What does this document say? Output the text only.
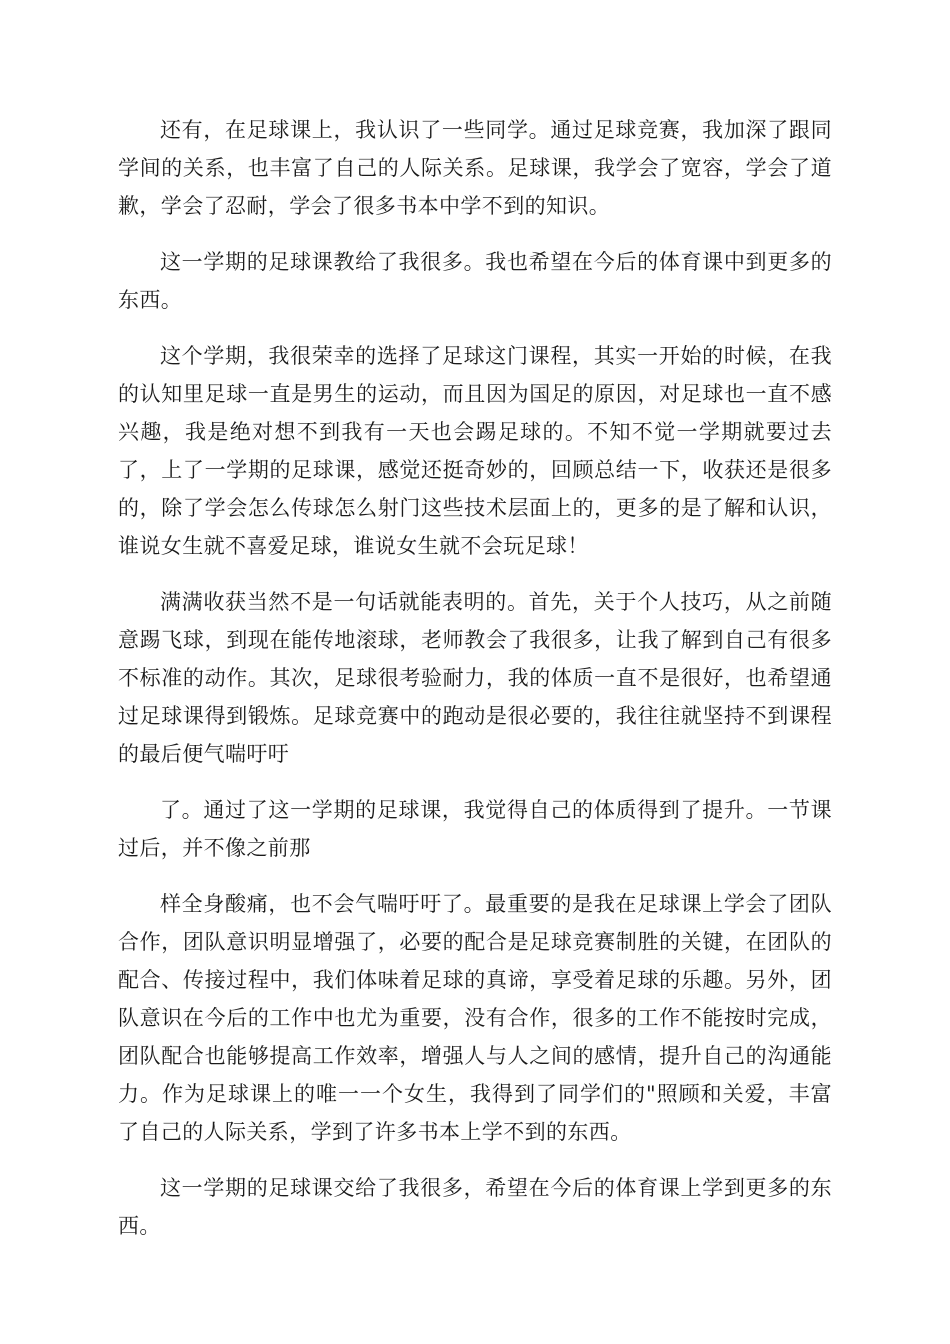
还有，在足球课上，我认识了一些同学。通过足球竞赛，我加深了跟同学间的关系，也丰富了自己的人际关系。足球课，我学会了宽容，学会了道歉，学会了忍耐，学会了很多书本中学不到的知识。

这一学期的足球课教给了我很多。我也希望在今后的体育课中到更多的东西。

这个学期，我很荣幸的选择了足球这门课程，其实一开始的时候，在我的认知里足球一直是男生的运动，而且因为国足的原因，对足球也一直不感兴趣，我是绝对想不到我有一天也会踢足球的。不知不觉一学期就要过去了，上了一学期的足球课，感觉还挺奇妙的，回顾总结一下，收获还是很多的，除了学会怎么传球怎么射门这些技术层面上的，更多的是了解和认识，谁说女生就不喜爱足球，谁说女生就不会玩足球！

满满收获当然不是一句话就能表明的。首先，关于个人技巧，从之前随意踢飞球，到现在能传地滚球，老师教会了我很多，让我了解到自己有很多不标准的动作。其次，足球很考验耐力，我的体质一直不是很好，也希望通过足球课得到锻炼。足球竞赛中的跑动是很必要的，我往往就坚持不到课程的最后便气喘吁吁

了。通过了这一学期的足球课，我觉得自己的体质得到了提升。一节课过后，并不像之前那

样全身酸痛，也不会气喘吁吁了。最重要的是我在足球课上学会了团队合作，团队意识明显增强了，必要的配合是足球竞赛制胜的关键，在团队的配合、传接过程中，我们体味着足球的真谛，享受着足球的乐趣。另外，团队意识在今后的工作中也尤为重要，没有合作，很多的工作不能按时完成，团队配合也能够提高工作效率，增强人与人之间的感情，提升自己的沟通能力。作为足球课上的唯一一个女生，我得到了同学们的"照顾和关爱，丰富了自己的人际关系，学到了许多书本上学不到的东西。

这一学期的足球课交给了我很多，希望在今后的体育课上学到更多的东西。
